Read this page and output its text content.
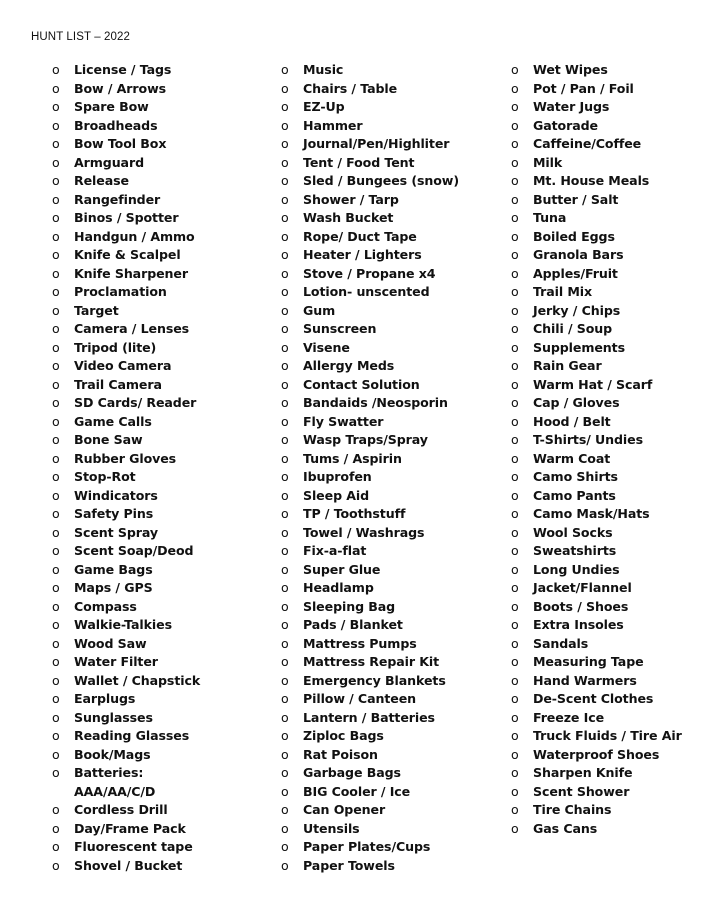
HUNT LIST – 2022
o License / Tags
o Bow / Arrows
o Spare Bow
o Broadheads
o Bow Tool Box
o Armguard
o Release
o Rangefinder
o Binos / Spotter
o Handgun / Ammo
o Knife & Scalpel
o Knife Sharpener
o Proclamation
o Target
o Camera / Lenses
o Tripod (lite)
o Video Camera
o Trail Camera
o SD Cards/ Reader
o Game Calls
o Bone Saw
o Rubber Gloves
o Stop-Rot
o Windicators
o Safety Pins
o Scent Spray
o Scent Soap/Deod
o Game Bags
o Maps / GPS
o Compass
o Walkie-Talkies
o Wood Saw
o Water Filter
o Wallet / Chapstick
o Earplugs
o Sunglasses
o Reading Glasses
o Book/Mags
o Batteries:
AAA/AA/C/D
o Cordless Drill
o Day/Frame Pack
o Fluorescent tape
o Shovel / Bucket
o Music
o Chairs / Table
o EZ-Up
o Hammer
o Journal/Pen/Highliter
o Tent / Food Tent
o Sled / Bungees (snow)
o Shower / Tarp
o Wash Bucket
o Rope/ Duct Tape
o Heater / Lighters
o Stove / Propane x4
o Lotion- unscented
o Gum
o Sunscreen
o Visene
o Allergy Meds
o Contact Solution
o Bandaids /Neosporin
o Fly Swatter
o Wasp Traps/Spray
o Tums / Aspirin
o Ibuprofen
o Sleep Aid
o TP / Toothstuff
o Towel / Washrags
o Fix-a-flat
o Super Glue
o Headlamp
o Sleeping Bag
o Pads / Blanket
o Mattress Pumps
o Mattress Repair Kit
o Emergency Blankets
o Pillow / Canteen
o Lantern / Batteries
o Ziploc Bags
o Rat Poison
o Garbage Bags
o BIG Cooler / Ice
o Can Opener
o Utensils
o Paper Plates/Cups
o Paper Towels
o Wet Wipes
o Pot / Pan / Foil
o Water Jugs
o Gatorade
o Caffeine/Coffee
o Milk
o Mt. House Meals
o Butter / Salt
o Tuna
o Boiled Eggs
o Granola Bars
o Apples/Fruit
o Trail Mix
o Jerky / Chips
o Chili / Soup
o Supplements
o Rain Gear
o Warm Hat / Scarf
o Cap / Gloves
o Hood / Belt
o T-Shirts/ Undies
o Warm Coat
o Camo Shirts
o Camo Pants
o Camo Mask/Hats
o Wool Socks
o Sweatshirts
o Long Undies
o Jacket/Flannel
o Boots / Shoes
o Extra Insoles
o Sandals
o Measuring Tape
o Hand Warmers
o De-Scent Clothes
o Freeze Ice
o Truck Fluids / Tire Air
o Waterproof Shoes
o Sharpen Knife
o Scent Shower
o Tire Chains
o Gas Cans
